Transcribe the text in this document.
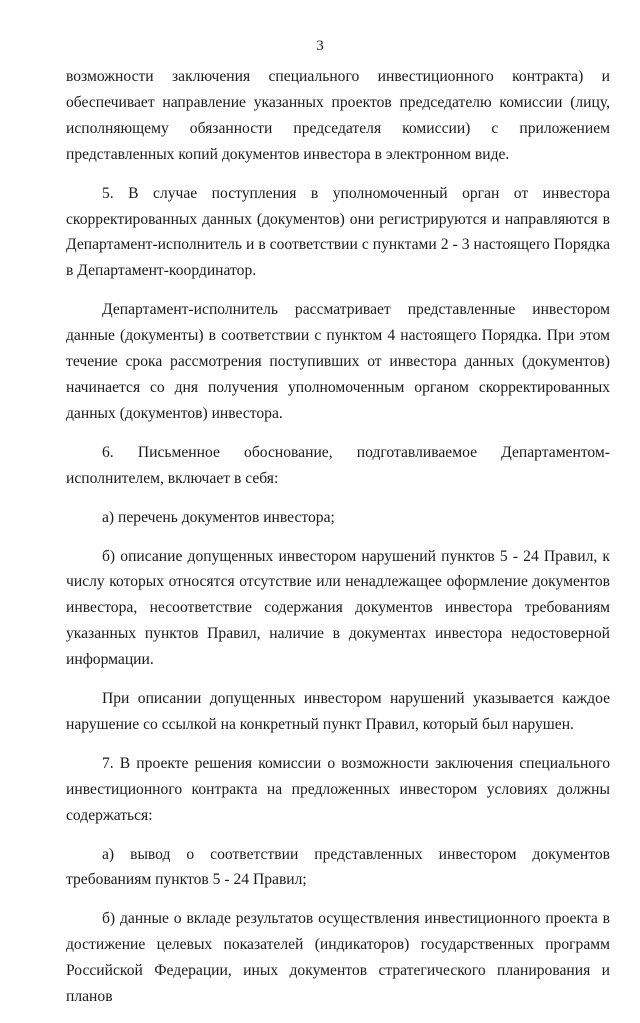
3

возможности заключения специального инвестиционного контракта) и обеспечивает направление указанных проектов председателю комиссии (лицу, исполняющему обязанности председателя комиссии) с приложением представленных копий документов инвестора в электронном виде.

5. В случае поступления в уполномоченный орган от инвестора скорректированных данных (документов) они регистрируются и направляются в Департамент-исполнитель и в соответствии с пунктами 2 - 3 настоящего Порядка в Департамент-координатор.

Департамент-исполнитель рассматривает представленные инвестором данные (документы) в соответствии с пунктом 4 настоящего Порядка. При этом течение срока рассмотрения поступивших от инвестора данных (документов) начинается со дня получения уполномоченным органом скорректированных данных (документов) инвестора.

6. Письменное обоснование, подготавливаемое Департаментом-исполнителем, включает в себя:

а) перечень документов инвестора;

б) описание допущенных инвестором нарушений пунктов 5 - 24 Правил, к числу которых относятся отсутствие или ненадлежащее оформление документов инвестора, несоответствие содержания документов инвестора требованиям указанных пунктов Правил, наличие в документах инвестора недостоверной информации.

При описании допущенных инвестором нарушений указывается каждое нарушение со ссылкой на конкретный пункт Правил, который был нарушен.

7. В проекте решения комиссии о возможности заключения специального инвестиционного контракта на предложенных инвестором условиях должны содержаться:

а) вывод о соответствии представленных инвестором документов требованиям пунктов 5 - 24 Правил;

б) данные о вкладе результатов осуществления инвестиционного проекта в достижение целевых показателей (индикаторов) государственных программ Российской Федерации, иных документов стратегического планирования и планов
